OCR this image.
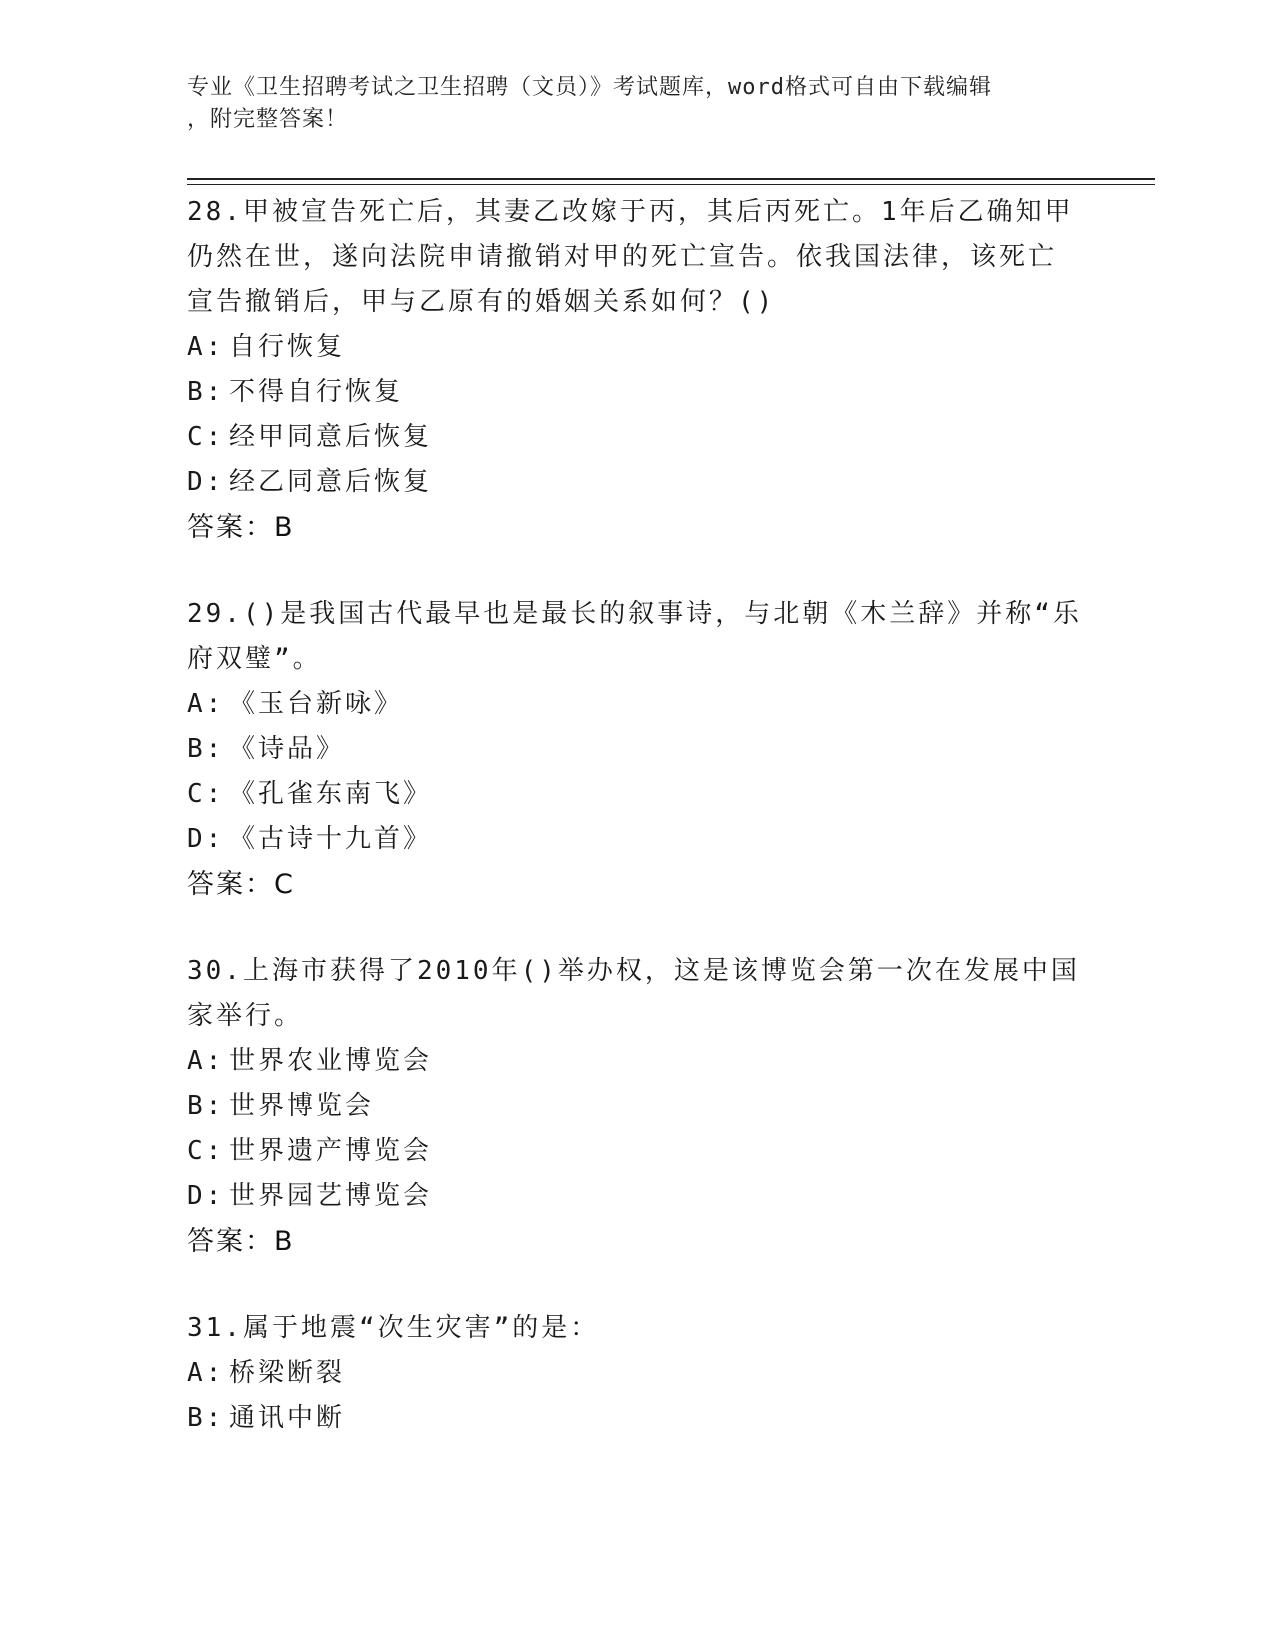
专业《卫生招聘考试之卫生招聘（文员）》考试题库，word格式可自由下载编辑
，附完整答案！
28.甲被宣告死亡后，其妻乙改嫁于丙，其后丙死亡。1年后乙确知甲
仍然在世，遂向法院申请撤销对甲的死亡宣告。依我国法律，该死亡
宣告撤销后，甲与乙原有的婚姻关系如何？()
A: 自行恢复
B: 不得自行恢复
C: 经甲同意后恢复
D: 经乙同意后恢复
答案：B
29.()是我国古代最早也是最长的叙事诗，与北朝《木兰辞》并称“乐
府双璧”。
A: 《玉台新咏》
B: 《诗品》
C: 《孔雀东南飞》
D: 《古诗十九首》
答案：C
30.上海市获得了2010年()举办权，这是该博览会第一次在发展中国
家举行。
A: 世界农业博览会
B: 世界博览会
C: 世界遗产博览会
D: 世界园艺博览会
答案：B
31.属于地震“次生灾害”的是：
A: 桥梁断裂
B: 通讯中断
